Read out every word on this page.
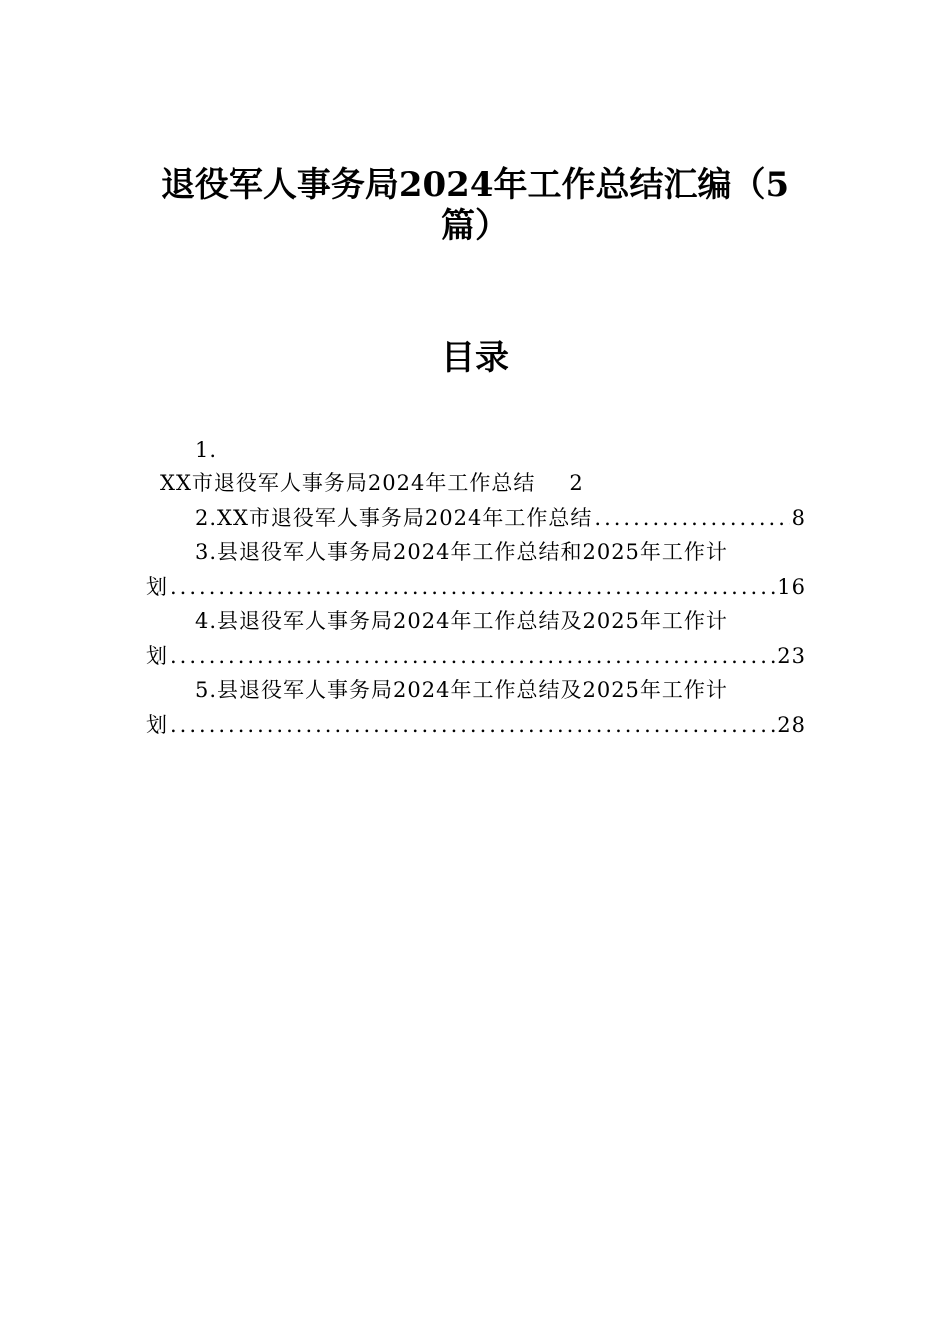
退役军人事务局2024年工作总结汇编（5
篇）
目录
1.
XX市退役军人事务局2024年工作总结 2
2.XX市退役军人事务局2024年工作总结 .....	8
3.县退役军人事务局2024年工作总结和2025年工作计
划 .....	16
4.县退役军人事务局2024年工作总结及2025年工作计
划 .....	23
5.县退役军人事务局2024年工作总结及2025年工作计
划 .....	28
